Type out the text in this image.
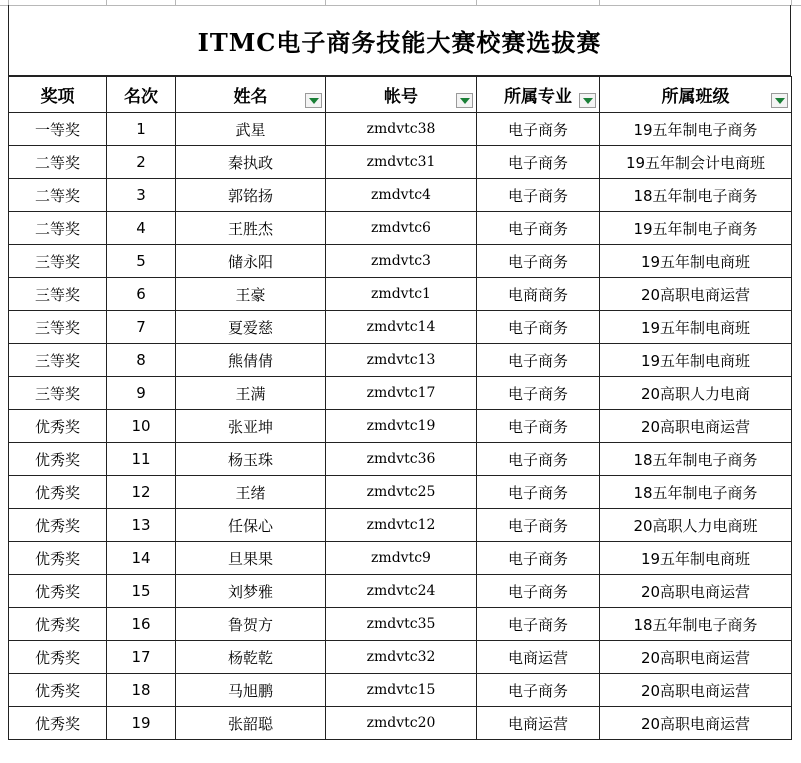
ITMC电子商务技能大赛校赛选拔赛
奖项	名次	姓名	帐号	所属专业	所属班级

一等奖	1	武星	zmdvtc38	电子商务	19五年制电子商务
二等奖	2	秦执政	zmdvtc31	电子商务	19五年制会计电商班
二等奖	3	郭铭扬	zmdvtc4	电子商务	18五年制电子商务
二等奖	4	王胜杰	zmdvtc6	电子商务	19五年制电子商务
三等奖	5	储永阳	zmdvtc3	电子商务	19五年制电商班
三等奖	6	王豪	zmdvtc1	电商商务	20高职电商运营
三等奖	7	夏爱慈	zmdvtc14	电子商务	19五年制电商班
三等奖	8	熊倩倩	zmdvtc13	电子商务	19五年制电商班
三等奖	9	王满	zmdvtc17	电子商务	20高职人力电商
优秀奖	10	张亚坤	zmdvtc19	电子商务	20高职电商运营
优秀奖	11	杨玉珠	zmdvtc36	电子商务	18五年制电子商务
优秀奖	12	王绪	zmdvtc25	电子商务	18五年制电子商务
优秀奖	13	任保心	zmdvtc12	电子商务	20高职人力电商班
优秀奖	14	旦果果	zmdvtc9	电子商务	19五年制电商班
优秀奖	15	刘梦雅	zmdvtc24	电子商务	20高职电商运营
优秀奖	16	鲁贺方	zmdvtc35	电子商务	18五年制电子商务
优秀奖	17	杨乾乾	zmdvtc32	电商运营	20高职电商运营
优秀奖	18	马旭鹏	zmdvtc15	电子商务	20高职电商运营
优秀奖	19	张韶聪	zmdvtc20	电商运营	20高职电商运营
